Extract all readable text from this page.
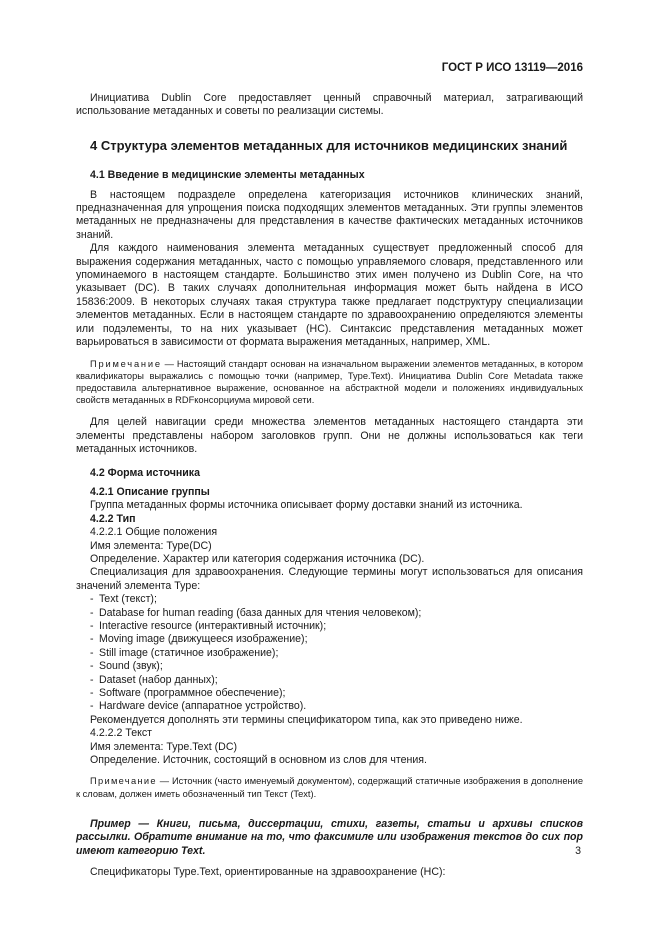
ГОСТ Р ИСО 13119—2016

Инициатива Dublin Core предоставляет ценный справочный материал, затрагивающий использование метаданных и советы по реализации системы.

4 Структура элементов метаданных для источников медицинских знаний
4.1 Введение в медицинские элементы метаданных

В настоящем подразделе определена категоризация источников клинических знаний, предназначенная для упрощения поиска подходящих элементов метаданных. Эти группы элементов метаданных не предназначены для представления в качестве фактических метаданных источников знаний.

Для каждого наименования элемента метаданных существует предложенный способ для выражения содержания метаданных, часто с помощью управляемого словаря, представленного или упоминаемого в настоящем стандарте. Большинство этих имен получено из Dublin Core, на что указывает (DC). В таких случаях дополнительная информация может быть найдена в ИСО 15836:2009. В некоторых случаях такая структура также предлагает подструктуру специализации элементов метаданных. Если в настоящем стандарте по здравоохранению определяются элементы или подэлементы, то на них указывает (HC). Синтаксис представления метаданных может варьироваться в зависимости от формата выражения метаданных, например, XML.

Примечание — Настоящий стандарт основан на изначальном выражении элементов метаданных, в котором квалификаторы выражались с помощью точки (например, Type.Text). Инициатива Dublin Core Metadata также предоставила альтернативное выражение, основанное на абстрактной модели и положениях индивидуальных свойств метаданных в RDFконсорциума мировой сети.

Для целей навигации среди множества элементов метаданных настоящего стандарта эти элементы представлены набором заголовков групп. Они не должны использоваться как теги метаданных источников.

4.2 Форма источника
4.2.1 Описание группы

Группа метаданных формы источника описывает форму доставки знаний из источника.

4.2.2 Тип

4.2.2.1 Общие положения

Имя элемента: Type(DC)

Определение. Характер или категория содержания источника (DC).

Специализация для здравоохранения. Следующие термины могут использоваться для описания значений элемента Type:

- Text (текст);
- Database for human reading (база данных для чтения человеком);
- Interactive resource (интерактивный источник);
- Moving image (движущееся изображение);
- Still image (статичное изображение);
- Sound (звук);
- Dataset (набор данных);
- Software (программное обеспечение);
- Hardware device (аппаратное устройство).

Рекомендуется дополнять эти термины спецификатором типа, как это приведено ниже.

4.2.2.2 Текст

Имя элемента: Type.Text (DC)

Определение. Источник, состоящий в основном из слов для чтения.

Примечание — Источник (часто именуемый документом), содержащий статичные изображения в дополнение к словам, должен иметь обозначенный тип Текст (Text).

Пример — Книги, письма, диссертации, стихи, газеты, статьи и архивы списков рассылки. Обратите внимание на то, что факсимиле или изображения текстов до сих пор имеют категорию Text.

Спецификаторы Type.Text, ориентированные на здравоохранение (HC):

3
